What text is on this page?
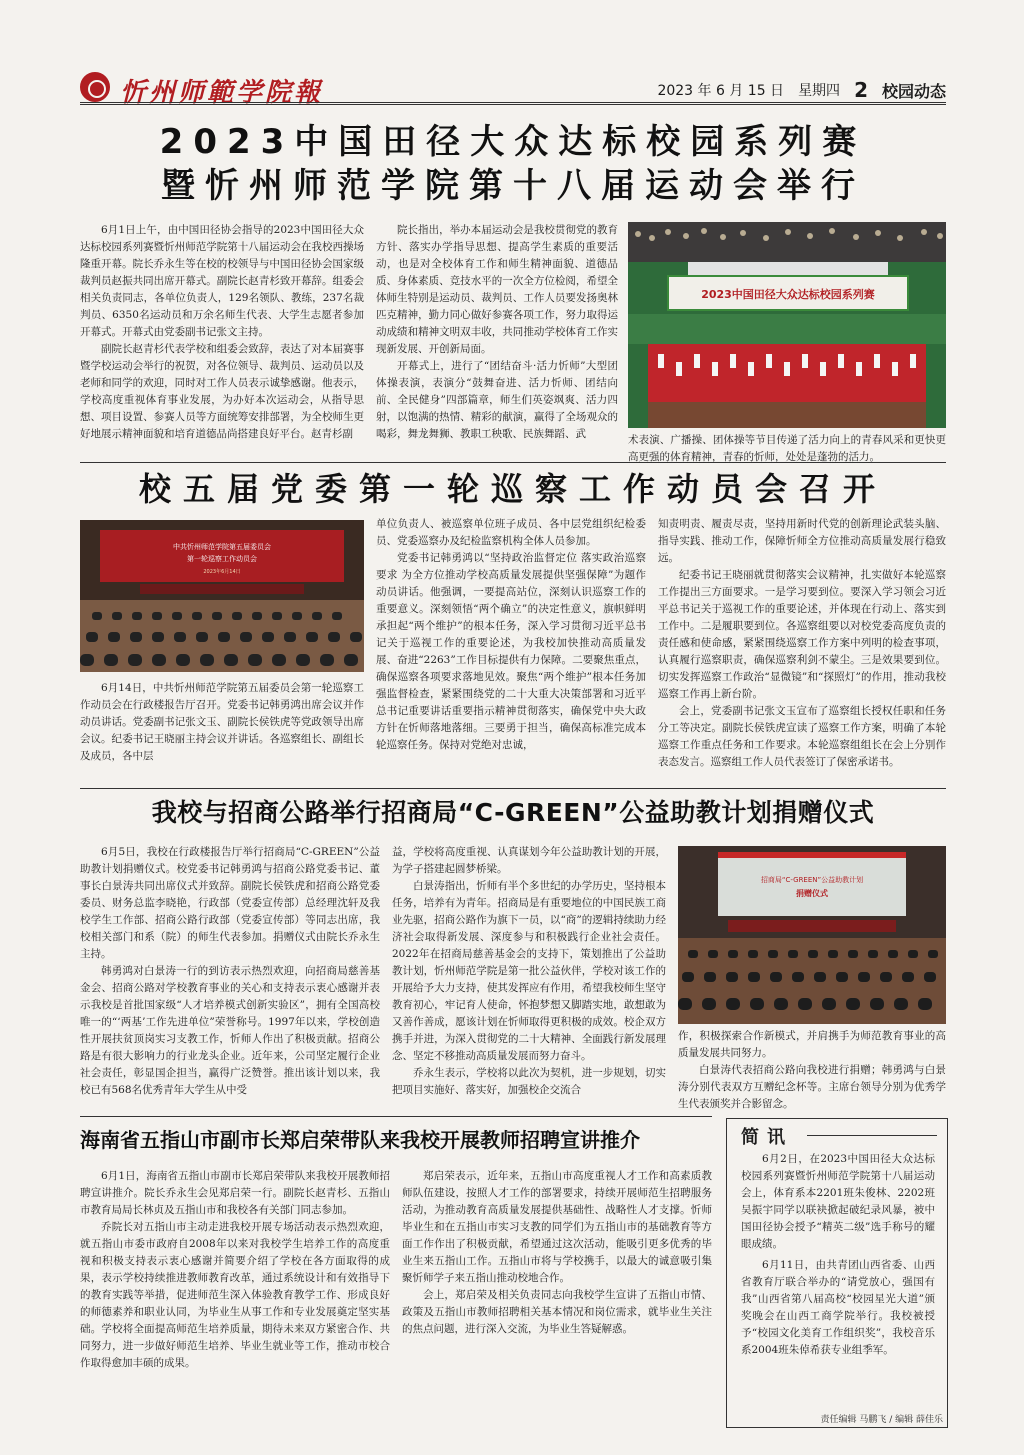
忻州师範学院報	2023 年 6 月 15 日 星期四 2 校园动态
2023中国田径大众达标校园系列赛
暨忻州师范学院第十八届运动会举行

6月1日上午，由中国田径协会指导的2023中国田径大众达标校园系列赛暨忻州师范学院第十八届运动会在我校西操场隆重开幕。院长乔永生等在校的校领导与中国田径协会国家级裁判员赵振共同出席开幕式。副院长赵青杉致开幕辞。组委会相关负责同志，各单位负责人，129名领队、教练，237名裁判员、6350名运动员和万余名师生代表、大学生志愿者参加开幕式。开幕式由党委副书记张文主持。

副院长赵青杉代表学校和组委会致辞，表达了对本届赛事暨学校运动会举行的祝贺，对各位领导、裁判员、运动员以及老师和同学的欢迎，同时对工作人员表示诚挚感谢。他表示，学校高度重视体育事业发展，为办好本次运动会，从指导思想、项目设置、参赛人员等方面统筹安排部署，为全校师生更好地展示精神面貌和培育道德品尚搭建良好平台。赵青杉副

院长指出，举办本届运动会是我校贯彻党的教育方针、落实办学指导思想、提高学生素质的重要活动，也是对全校体育工作和师生精神面貌、道德品质、身体素质、竞技水平的一次全方位检阅，希望全体师生特别是运动员、裁判员、工作人员要发扬奥林匹克精神，勤力同心做好参赛各项工作，努力取得运动成绩和精神文明双丰收，共同推动学校体育工作实现新发展、开创新局面。

开幕式上，进行了“团结奋斗·活力忻师”大型团体操表演，表演分“鼓舞奋进、活力忻师、团结向前、全民健身”四部篇章，师生们英姿飒爽、活力四射，以饱满的热情、精彩的献演，赢得了全场观众的喝彩，舞龙舞狮、教职工秧歌、民族舞蹈、武

2023中国田径大众达标校园系列赛

术表演、广播操、团体操等节目传递了活力向上的青春风采和更快更高更强的体育精神，青春的忻师，处处是蓬勃的活力。

校五届党委第一轮巡察工作动员会召开
中共忻州师范学院第五届委员会
第一轮巡察工作动员会
2023年6月14日

6月14日，中共忻州师范学院第五届委员会第一轮巡察工作动员会在行政楼报告厅召开。党委书记韩勇鸿出席会议并作动员讲话。党委副书记张文玉、副院长侯铁虎等党政领导出席会议。纪委书记王晓丽主持会议并讲话。各巡察组长、副组长及成员，各中层

单位负责人、被巡察单位班子成员、各中层党组织纪检委员、党委巡察办及纪检监察机构全体人员参加。

党委书记韩勇鸿以“坚持政治监督定位 落实政治巡察要求 为全方位推动学校高质量发展提供坚强保障”为题作动员讲话。他强调，一要提高站位，深刻认识巡察工作的重要意义。深刻领悟“两个确立”的决定性意义，旗帜鲜明承担起“两个维护”的根本任务，深入学习贯彻习近平总书记关于巡视工作的重要论述，为我校加快推动高质量发展、奋进“2263”工作目标提供有力保障。二要聚焦重点，确保巡察各项要求落地见效。聚焦“两个维护”根本任务加强监督检查，紧紧围绕党的二十大重大决策部署和习近平总书记重要讲话重要指示精神贯彻落实，确保党中央大政方针在忻师落地落细。三要勇于担当，确保高标准完成本轮巡察任务。保持对党绝对忠诚，

知责明责、履责尽责，坚持用新时代党的创新理论武装头脑、指导实践、推动工作，保障忻师全方位推动高质量发展行稳致远。

纪委书记王晓丽就贯彻落实会议精神，扎实做好本轮巡察工作提出三方面要求。一是学习要到位。要深入学习领会习近平总书记关于巡视工作的重要论述，并体现在行动上、落实到工作中。二是履职要到位。各巡察组要以对校党委高度负责的责任感和使命感，紧紧围绕巡察工作方案中列明的检查事项，认真履行巡察职责，确保巡察利剑不蒙尘。三是效果要到位。切实发挥巡察工作政治“显微镜”和“探照灯”的作用，推动我校巡察工作再上新台阶。

会上，党委副书记张文玉宣布了巡察组长授权任职和任务分工等决定。副院长侯铁虎宣读了巡察工作方案，明确了本轮巡察工作重点任务和工作要求。本轮巡察组组长在会上分别作表态发言。巡察组工作人员代表签订了保密承诺书。

我校与招商公路举行招商局“C-GREEN”公益助教计划捐赠仪式

6月5日，我校在行政楼报告厅举行招商局“C-GREEN”公益助教计划捐赠仪式。校党委书记韩勇鸿与招商公路党委书记、董事长白景涛共同出席仪式并致辞。副院长侯铁虎和招商公路党委委员、财务总监李晓艳，行政部（党委宣传部）总经理沈轩及我校学生工作部、招商公路行政部（党委宣传部）等同志出席，我校相关部门和系（院）的师生代表参加。捐赠仪式由院长乔永生主持。

韩勇鸿对白景涛一行的到访表示热烈欢迎，向招商局慈善基金会、招商公路对学校教育事业的关心和支持表示衷心感谢并表示我校是首批国家级“人才培养模式创新实验区”，拥有全国高校唯一的“‘两基’工作先进单位”荣誉称号。1997年以来，学校创造性开展扶贫顶岗实习支教工作，忻师人作出了积极贡献。招商公路是有很大影响力的行业龙头企业。近年来，公司坚定履行企业社会责任，彰显国企担当，赢得广泛赞誉。推出该计划以来，我校已有568名优秀青年大学生从中受

益，学校将高度重视、认真谋划今年公益助教计划的开展，为学子搭建起圆梦桥梁。

白景涛指出，忻师有半个多世纪的办学历史，坚持根本任务，培养有为青年。招商局是有重要地位的中国民族工商业先驱，招商公路作为旗下一员，以“商”的逻辑持续助力经济社会取得新发展、深度参与和积极践行企业社会责任。2022年在招商局慈善基金会的支持下，策划推出了公益助教计划，忻州师范学院是第一批公益伙伴，学校对该工作的开展给予大力支持，使其发挥应有作用，希望我校师生坚守教育初心，牢记育人使命，怀抱梦想又脚踏实地，敢想敢为又善作善成，愿该计划在忻师取得更积极的成效。校企双方携手并进，为深入贯彻党的二十大精神、全面践行新发展理念、坚定不移推动高质量发展而努力奋斗。

乔永生表示，学校将以此次为契机，进一步规划，切实把项目实施好、落实好，加强校企交流合

招商局“C-GREEN”公益助教计划
捐赠仪式

作，积极探索合作新模式，并肩携手为师范教育事业的高质量发展共同努力。

白景涛代表招商公路向我校进行捐赠；韩勇鸿与白景涛分别代表双方互赠纪念杯等。主席台领导分别为优秀学生代表颁奖并合影留念。

海南省五指山市副市长郑启荣带队来我校开展教师招聘宣讲推介

6月1日，海南省五指山市副市长郑启荣带队来我校开展教师招聘宣讲推介。院长乔永生会见郑启荣一行。副院长赵青杉、五指山市教育局局长林贞及五指山市和我校各有关部门同志参加。

乔院长对五指山市主动走进我校开展专场活动表示热烈欢迎，就五指山市委市政府自2008年以来对我校学生培养工作的高度重视和积极支持表示衷心感谢并简要介绍了学校在各方面取得的成果，表示学校持续推进教师教育改革，通过系统设计和有效指导下的教育实践等举措，促进师范生深入体验教育教学工作、形成良好的师德素养和职业认同，为毕业生从事工作和专业发展奠定坚实基础。学校将全面提高师范生培养质量，期待未来双方紧密合作、共同努力，进一步做好师范生培养、毕业生就业等工作，推动市校合作取得愈加丰硕的成果。

郑启荣表示，近年来，五指山市高度重视人才工作和高素质教师队伍建设，按照人才工作的部署要求，持续开展师范生招聘服务活动，为推动教育高质量发展提供基础性、战略性人才支撑。忻师毕业生和在五指山市实习支教的同学们为五指山市的基础教育等方面工作作出了积极贡献，希望通过这次活动，能吸引更多优秀的毕业生来五指山工作。五指山市将与学校携手，以最大的诚意吸引集聚忻师学子来五指山推动校地合作。

会上，郑启荣及相关负责同志向我校学生宣讲了五指山市情、政策及五指山市教师招聘相关基本情况和岗位需求，就毕业生关注的焦点问题，进行深入交流，为毕业生答疑解惑。

简讯

6月2日，在2023中国田径大众达标校园系列赛暨忻州师范学院第十八届运动会上，体育系本2201班朱俊林、2202班吴振宇同学以联袂掀起破纪录风暴，被中国田径协会授予“精英二级”选手称号的耀眼成绩。

6月11日，由共青团山西省委、山西省教育厅联合举办的“请党放心，强国有我”山西省第八届高校“校园星光大道”颁奖晚会在山西工商学院举行。我校被授予“校园文化美育工作组织奖”，我校音乐系2004班朱倬希获专业组季军。

责任编辑 马鹏飞 / 编辑 薛佳乐
